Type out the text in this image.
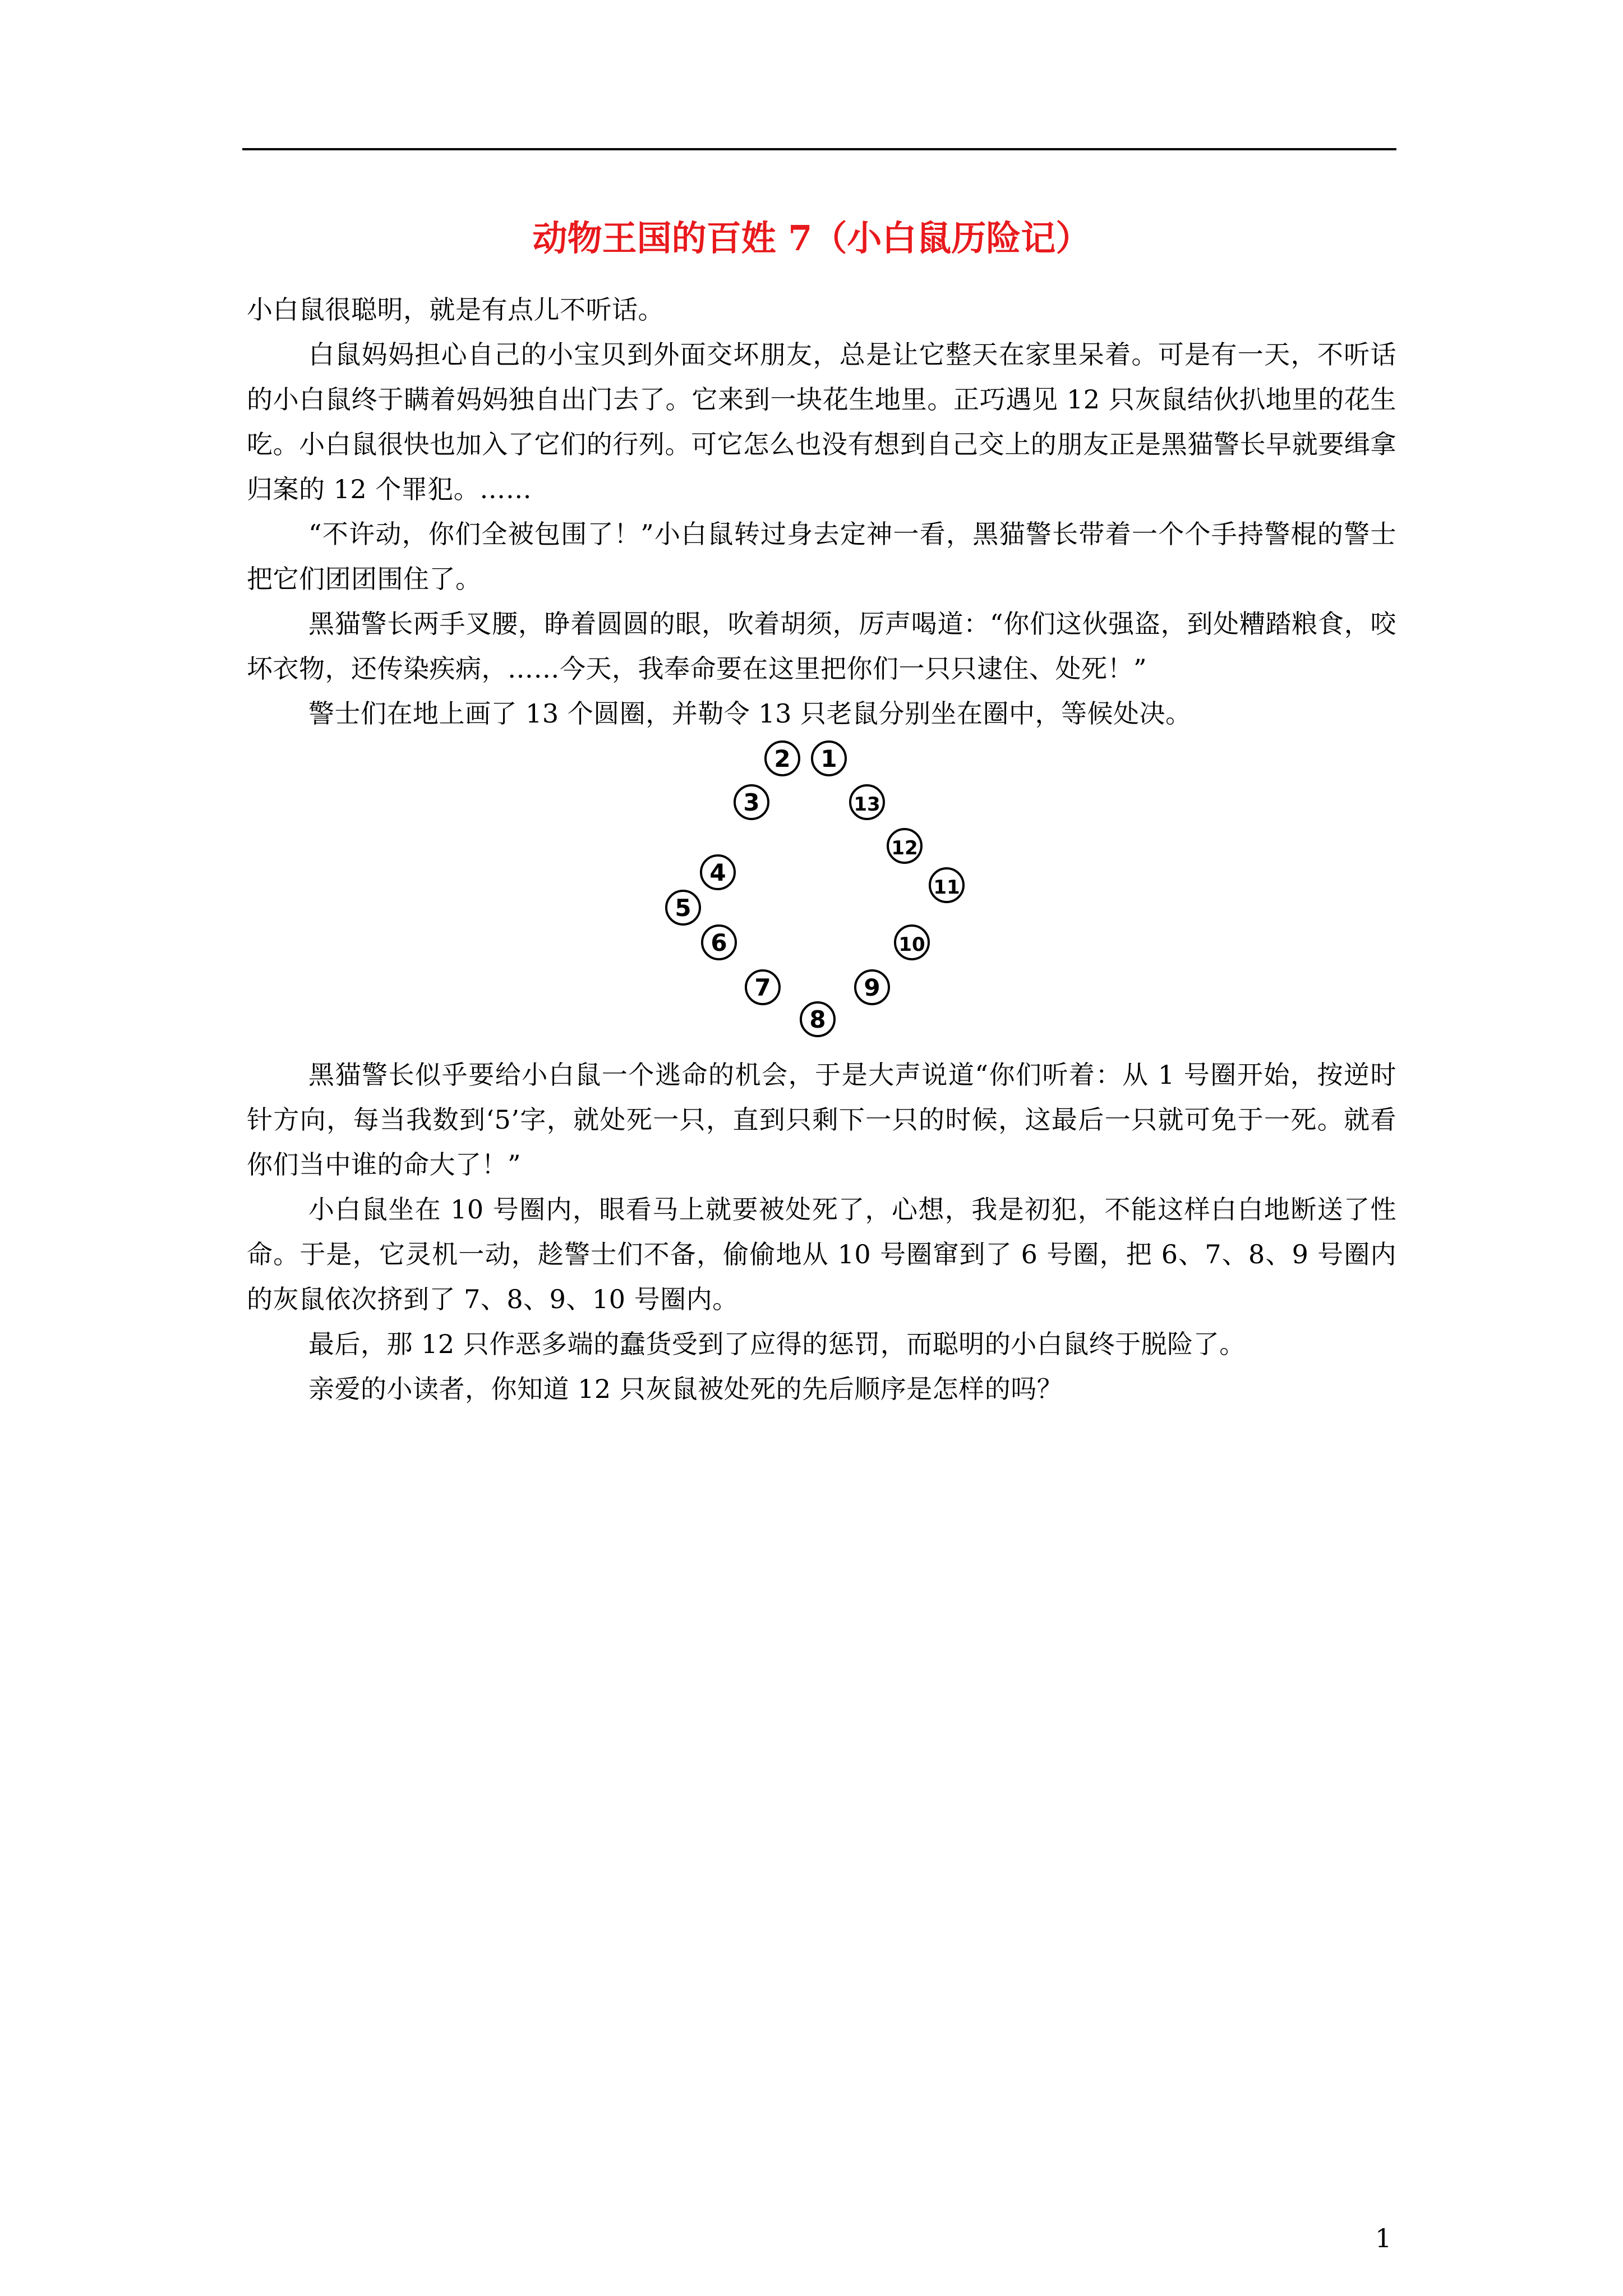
动物王国的百姓 7（小白鼠历险记）

小白鼠很聪明，就是有点儿不听话。

白鼠妈妈担心自己的小宝贝到外面交坏朋友，总是让它整天在家里呆着。可是有一天，不听话的小白鼠终于瞒着妈妈独自出门去了。它来到一块花生地里。正巧遇见 12 只灰鼠结伙扒地里的花生吃。小白鼠很快也加入了它们的行列。可它怎么也没有想到自己交上的朋友正是黑猫警长早就要缉拿归案的 12 个罪犯。……

“不许动，你们全被包围了！”小白鼠转过身去定神一看，黑猫警长带着一个个手持警棍的警士把它们团团围住了。

黑猫警长两手叉腰，睁着圆圆的眼，吹着胡须，厉声喝道：“你们这伙强盗，到处糟踏粮食，咬坏衣物，还传染疾病，……今天，我奉命要在这里把你们一只只逮住、处死！”

警士们在地上画了 13 个圆圈，并勒令 13 只老鼠分别坐在圈中，等候处决。

1
2
3
4
5
6
7
8
9
10
11
12
13

黑猫警长似乎要给小白鼠一个逃命的机会，于是大声说道“你们听着：从 1 号圈开始，按逆时针方向，每当我数到‘5’字，就处死一只，直到只剩下一只的时候，这最后一只就可免于一死。就看你们当中谁的命大了！”

小白鼠坐在 10 号圈内，眼看马上就要被处死了，心想，我是初犯，不能这样白白地断送了性命。于是，它灵机一动，趁警士们不备，偷偷地从 10 号圈窜到了 6 号圈，把 6、7、8、9 号圈内的灰鼠依次挤到了 7、8、9、10 号圈内。

最后，那 12 只作恶多端的蠢货受到了应得的惩罚，而聪明的小白鼠终于脱险了。

亲爱的小读者，你知道 12 只灰鼠被处死的先后顺序是怎样的吗？

1
